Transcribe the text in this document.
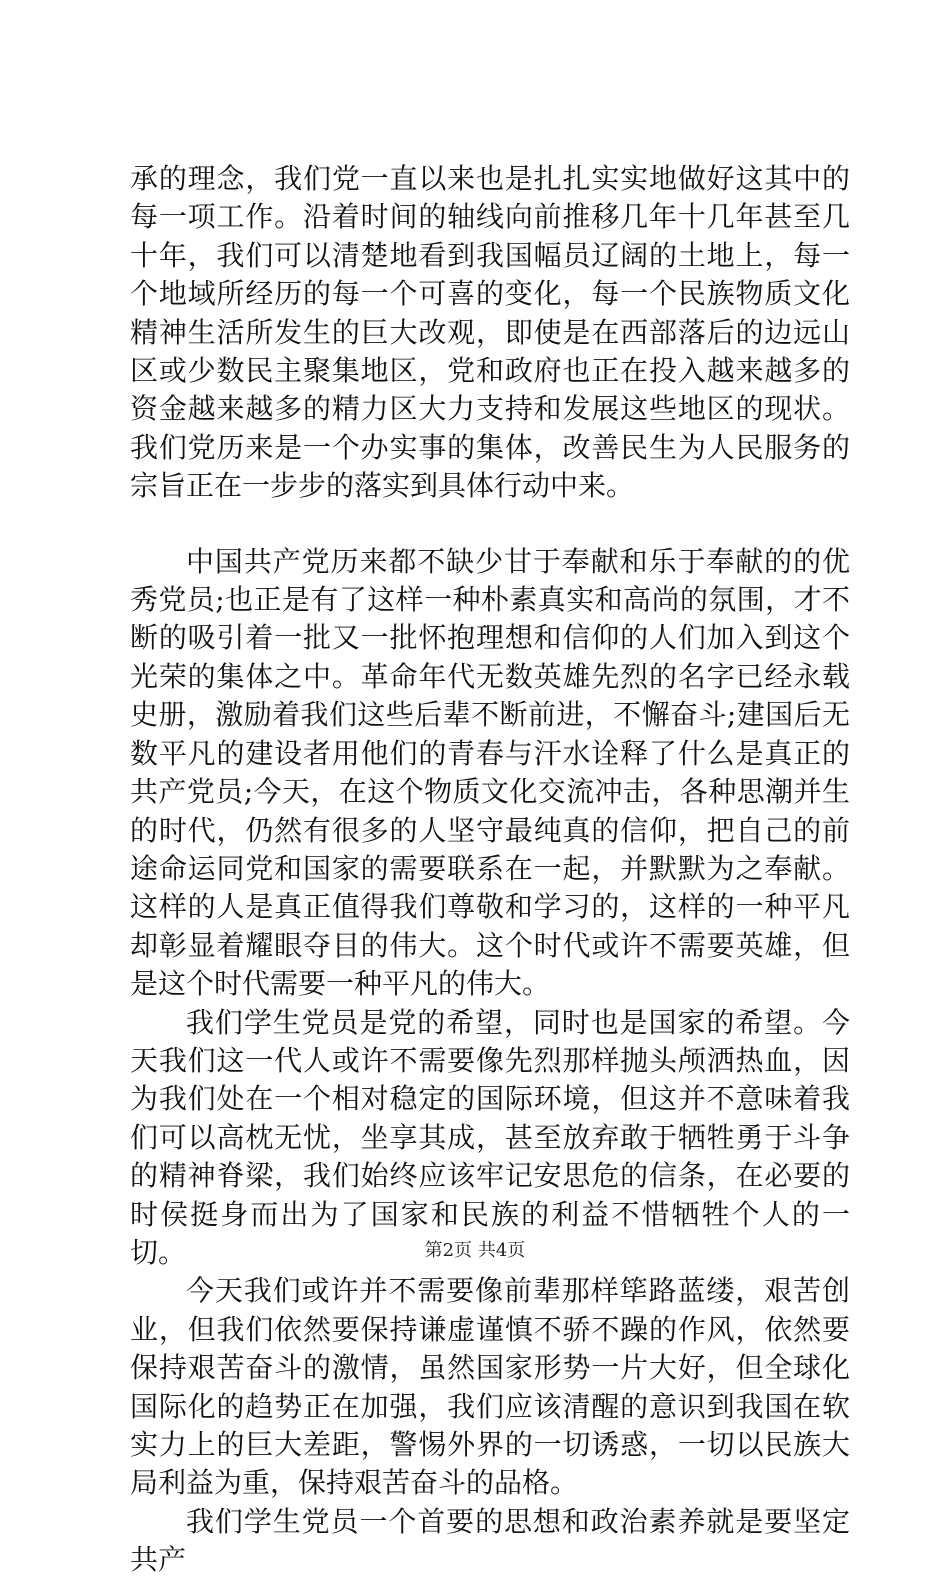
承的理念，我们党一直以来也是扎扎实实地做好这其中的每一项工作。沿着时间的轴线向前推移几年十几年甚至几十年，我们可以清楚地看到我国幅员辽阔的土地上，每一个地域所经历的每一个可喜的变化，每一个民族物质文化精神生活所发生的巨大改观，即使是在西部落后的边远山区或少数民主聚集地区，党和政府也正在投入越来越多的资金越来越多的精力区大力支持和发展这些地区的现状。我们党历来是一个办实事的集体，改善民生为人民服务的宗旨正在一步步的落实到具体行动中来。

中国共产党历来都不缺少甘于奉献和乐于奉献的的优秀党员;也正是有了这样一种朴素真实和高尚的氛围，才不断的吸引着一批又一批怀抱理想和信仰的人们加入到这个光荣的集体之中。革命年代无数英雄先烈的名字已经永载史册，激励着我们这些后辈不断前进，不懈奋斗;建国后无数平凡的建设者用他们的青春与汗水诠释了什么是真正的共产党员;今天，在这个物质文化交流冲击，各种思潮并生的时代，仍然有很多的人坚守最纯真的信仰，把自己的前途命运同党和国家的需要联系在一起，并默默为之奉献。这样的人是真正值得我们尊敬和学习的，这样的一种平凡却彰显着耀眼夺目的伟大。这个时代或许不需要英雄，但是这个时代需要一种平凡的伟大。

我们学生党员是党的希望，同时也是国家的希望。今天我们这一代人或许不需要像先烈那样抛头颅洒热血，因为我们处在一个相对稳定的国际环境，但这并不意味着我们可以高枕无忧，坐享其成，甚至放弃敢于牺牲勇于斗争的精神脊梁，我们始终应该牢记安思危的信条，在必要的时侯挺身而出为了国家和民族的利益不惜牺牲个人的一切。

今天我们或许并不需要像前辈那样筚路蓝缕，艰苦创业，但我们依然要保持谦虚谨慎不骄不躁的作风，依然要保持艰苦奋斗的激情，虽然国家形势一片大好，但全球化国际化的趋势正在加强，我们应该清醒的意识到我国在软实力上的巨大差距，警惕外界的一切诱惑，一切以民族大局利益为重，保持艰苦奋斗的品格。

我们学生党员一个首要的思想和政治素养就是要坚定共产

第2页 共4页
